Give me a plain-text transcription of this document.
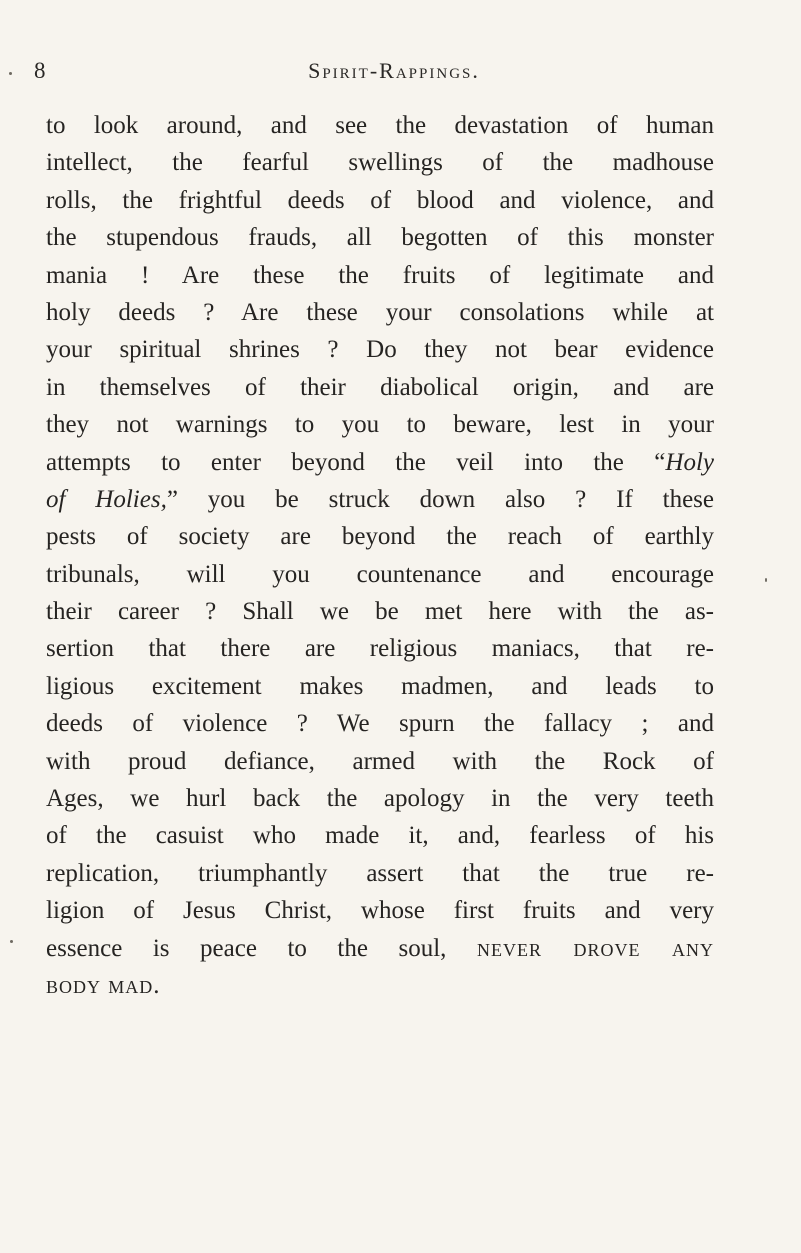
8	Spirit-Rappings.
to look around, and see the devastation of human
intellect, the fearful swellings of the madhouse
rolls, the frightful deeds of blood and violence, and
the stupendous frauds, all begotten of this monster
mania ! Are these the fruits of legitimate and
holy deeds ? Are these your consolations while at
your spiritual shrines ? Do they not bear evidence
in themselves of their diabolical origin, and are
they not warnings to you to beware, lest in your
attempts to enter beyond the veil into the “Holy
of Holies,” you be struck down also ? If these
pests of society are beyond the reach of earthly
tribunals, will you countenance and encourage
their career ? Shall we be met here with the as-
sertion that there are religious maniacs, that re-
ligious excitement makes madmen, and leads to
deeds of violence ? We spurn the fallacy ; and
with proud defiance, armed with the Rock of
Ages, we hurl back the apology in the very teeth
of the casuist who made it, and, fearless of his
replication, triumphantly assert that the true re-
ligion of Jesus Christ, whose first fruits and very
essence is peace to the soul, never drove any
body mad.
